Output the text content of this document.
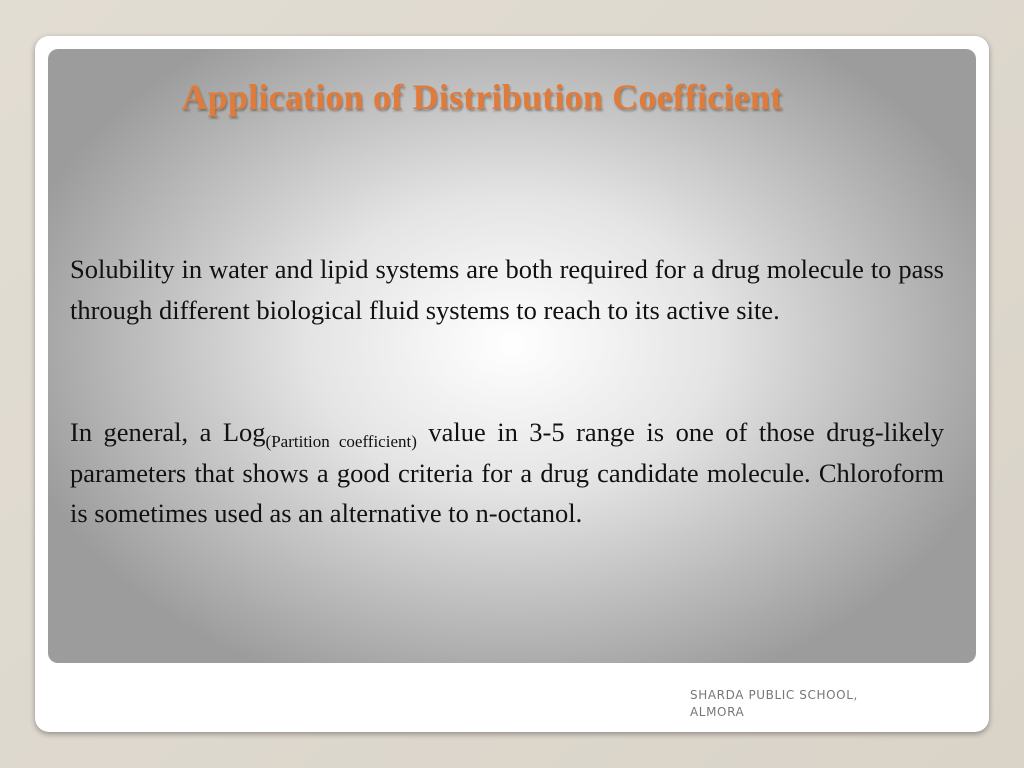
Application of Distribution Coefficient

Solubility in water and lipid systems are both required for a drug molecule to pass through different biological fluid systems to reach to its active site.

In general, a Log$_{(Partition coefficient)}$ value in 3-5 range is one of those drug-likely parameters that shows a good criteria for a drug candidate molecule. Chloroform is sometimes used as an alternative to n-octanol.

SHARDA PUBLIC SCHOOL,
ALMORA
